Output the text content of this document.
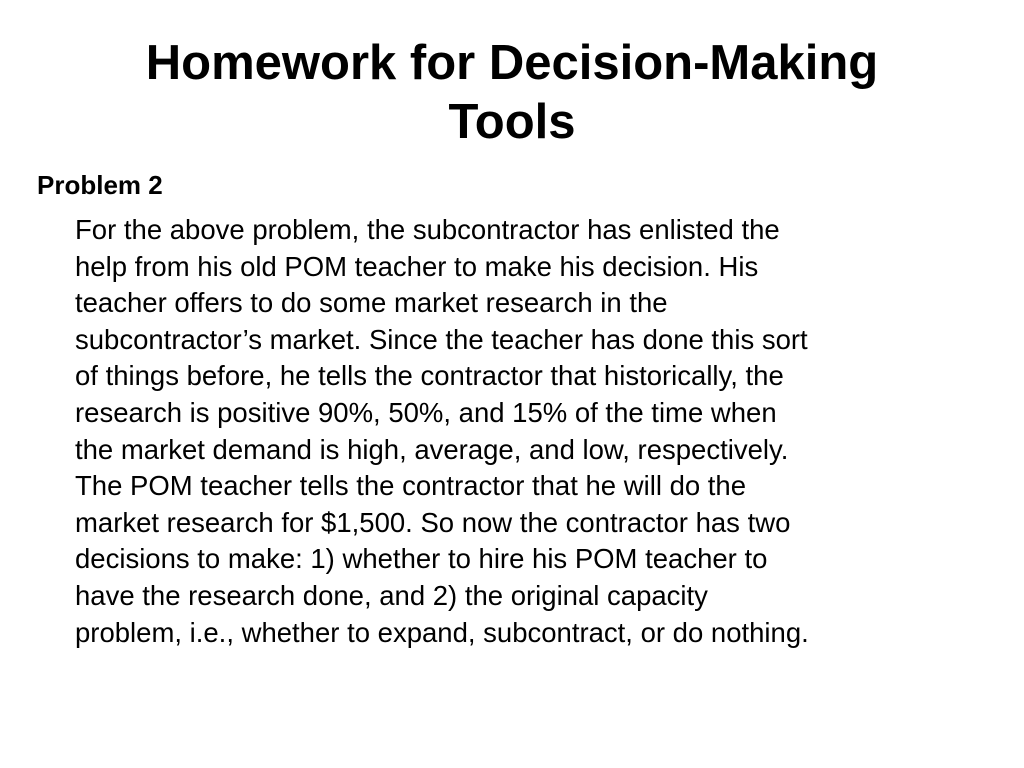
Homework for Decision-Making
Tools
Problem 2

For the above problem, the subcontractor has enlisted the
help from his old POM teacher to make his decision. His
teacher offers to do some market research in the
subcontractor’s market. Since the teacher has done this sort
of things before, he tells the contractor that historically, the
research is positive 90%, 50%, and 15% of the time when
the market demand is high, average, and low, respectively.
The POM teacher tells the contractor that he will do the
market research for $1,500. So now the contractor has two
decisions to make: 1) whether to hire his POM teacher to
have the research done, and 2) the original capacity
problem, i.e., whether to expand, subcontract, or do nothing.
